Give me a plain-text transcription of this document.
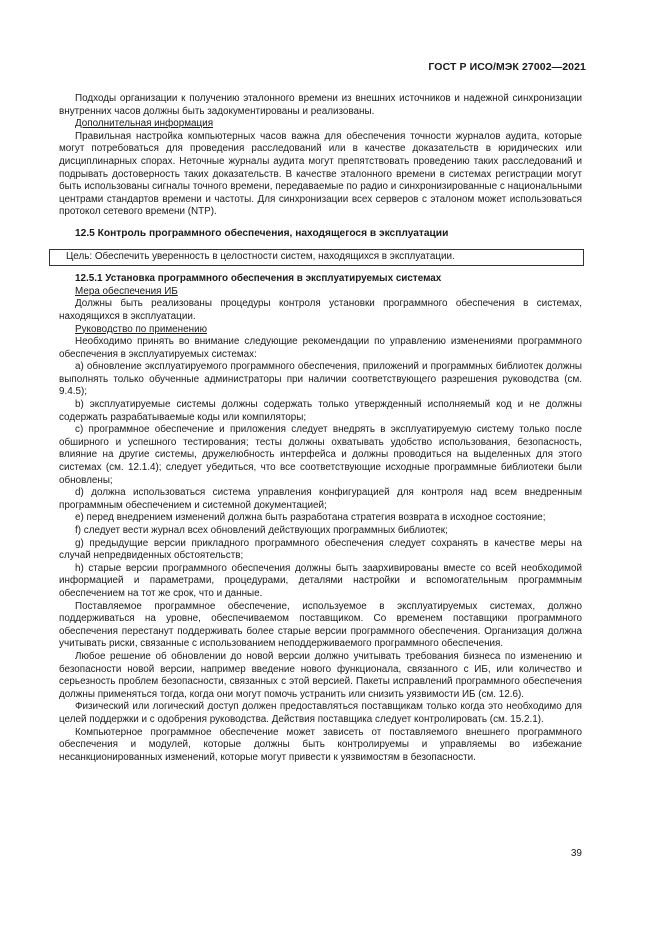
ГОСТ Р ИСО/МЭК 27002—2021

Подходы организации к получению эталонного времени из внешних источников и надежной синхронизации внутренних часов должны быть задокументированы и реализованы.

Дополнительная информация

Правильная настройка компьютерных часов важна для обеспечения точности журналов аудита, которые могут потребоваться для проведения расследований или в качестве доказательств в юридических или дисциплинарных спорах. Неточные журналы аудита могут препятствовать проведению таких расследований и подрывать достоверность таких доказательств. В качестве эталонного времени в системах регистрации могут быть использованы сигналы точного времени, передаваемые по радио и синхронизированные с национальными центрами стандартов времени и частоты. Для синхронизации всех серверов с эталоном может использоваться протокол сетевого времени (NTP).

12.5 Контроль программного обеспечения, находящегося в эксплуатации
Цель: Обеспечить уверенность в целостности систем, находящихся в эксплуатации.
12.5.1 Установка программного обеспечения в эксплуатируемых системах

Мера обеспечения ИБ

Должны быть реализованы процедуры контроля установки программного обеспечения в системах, находящихся в эксплуатации.

Руководство по применению

Необходимо принять во внимание следующие рекомендации по управлению изменениями программного обеспечения в эксплуатируемых системах:

а) обновление эксплуатируемого программного обеспечения, приложений и программных библиотек должны выполнять только обученные администраторы при наличии соответствующего разрешения руководства (см. 9.4.5);

b) эксплуатируемые системы должны содержать только утвержденный исполняемый код и не должны содержать разрабатываемые коды или компиляторы;

c) программное обеспечение и приложения следует внедрять в эксплуатируемую систему только после обширного и успешного тестирования; тесты должны охватывать удобство использования, безопасность, влияние на другие системы, дружелюбность интерфейса и должны проводиться на выделенных для этого системах (см. 12.1.4); следует убедиться, что все соответствующие исходные программные библиотеки были обновлены;

d) должна использоваться система управления конфигурацией для контроля над всем внедренным программным обеспечением и системной документацией;

e) перед внедрением изменений должна быть разработана стратегия возврата в исходное состояние;

f) следует вести журнал всех обновлений действующих программных библиотек;

g) предыдущие версии прикладного программного обеспечения следует сохранять в качестве меры на случай непредвиденных обстоятельств;

h) старые версии программного обеспечения должны быть заархивированы вместе со всей необходимой информацией и параметрами, процедурами, деталями настройки и вспомогательным программным обеспечением на тот же срок, что и данные.

Поставляемое программное обеспечение, используемое в эксплуатируемых системах, должно поддерживаться на уровне, обеспечиваемом поставщиком. Со временем поставщики программного обеспечения перестанут поддерживать более старые версии программного обеспечения. Организация должна учитывать риски, связанные с использованием неподдерживаемого программного обеспечения.

Любое решение об обновлении до новой версии должно учитывать требования бизнеса по изменению и безопасности новой версии, например введение нового функционала, связанного с ИБ, или количество и серьезность проблем безопасности, связанных с этой версией. Пакеты исправлений программного обеспечения должны применяться тогда, когда они могут помочь устранить или снизить уязвимости ИБ (см. 12.6).

Физический или логический доступ должен предоставляться поставщикам только когда это необходимо для целей поддержки и с одобрения руководства. Действия поставщика следует контролировать (см. 15.2.1).

Компьютерное программное обеспечение может зависеть от поставляемого внешнего программного обеспечения и модулей, которые должны быть контролируемы и управляемы во избежание несанкционированных изменений, которые могут привести к уязвимостям в безопасности.

39
